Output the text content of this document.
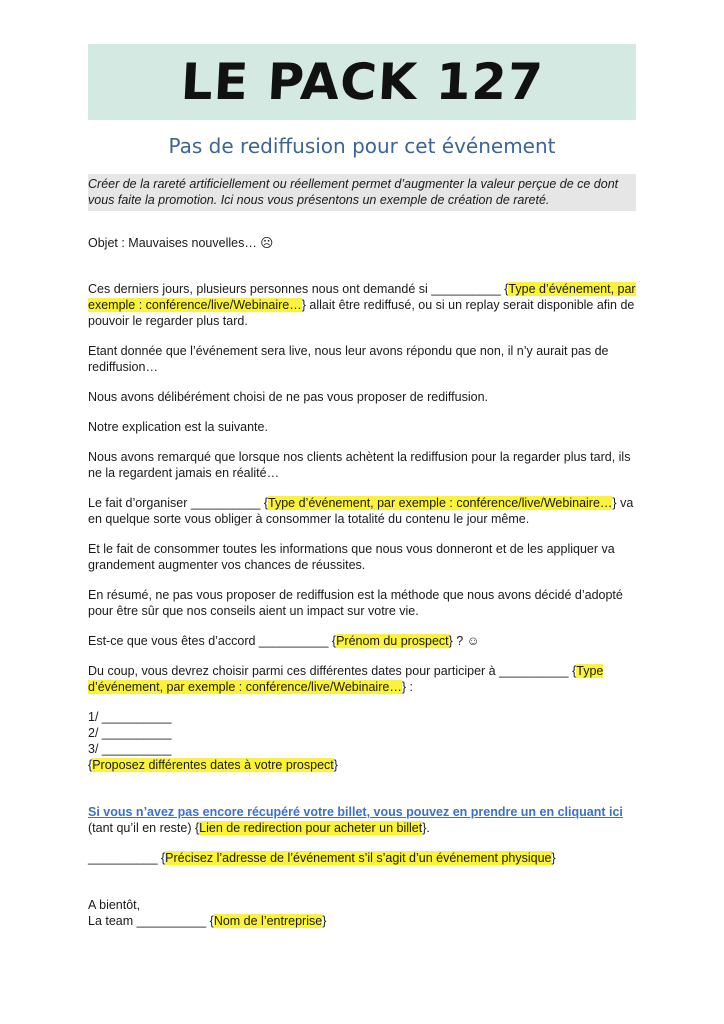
LE PACK 127
Pas de rediffusion pour cet événement
Créer de la rareté artificiellement ou réellement permet d’augmenter la valeur perçue de ce dont vous faite la promotion. Ici nous vous présentons un exemple de création de rareté.

Objet : Mauvaises nouvelles… ☹

Ces derniers jours, plusieurs personnes nous ont demandé si __________ {Type d’événement, par exemple : conférence/live/Webinaire…} allait être rediffusé, ou si un replay serait disponible afin de pouvoir le regarder plus tard.

Etant donnée que l’événement sera live, nous leur avons répondu que non, il n’y aurait pas de rediffusion…

Nous avons délibérément choisi de ne pas vous proposer de rediffusion.

Notre explication est la suivante.

Nous avons remarqué que lorsque nos clients achètent la rediffusion pour la regarder plus tard, ils ne la regardent jamais en réalité…

Le fait d’organiser __________ {Type d’événement, par exemple : conférence/live/Webinaire…} va en quelque sorte vous obliger à consommer la totalité du contenu le jour même.

Et le fait de consommer toutes les informations que nous vous donneront et de les appliquer va grandement augmenter vos chances de réussites.

En résumé, ne pas vous proposer de rediffusion est la méthode que nous avons décidé d’adopté pour être sûr que nos conseils aient un impact sur votre vie.

Est-ce que vous êtes d’accord __________ {Prénom du prospect} ? ☺

Du coup, vous devrez choisir parmi ces différentes dates pour participer à __________ {Type d’événement, par exemple : conférence/live/Webinaire…} :

1/ __________

2/ __________

3/ __________

{Proposez différentes dates à votre prospect}

Si vous n’avez pas encore récupéré votre billet, vous pouvez en prendre un en cliquant ici (tant qu’il en reste) {Lien de redirection pour acheter un billet}.

__________ {Précisez l’adresse de l’événement s’il s’agit d’un événement physique}

A bientôt,

La team __________ {Nom de l’entreprise}
